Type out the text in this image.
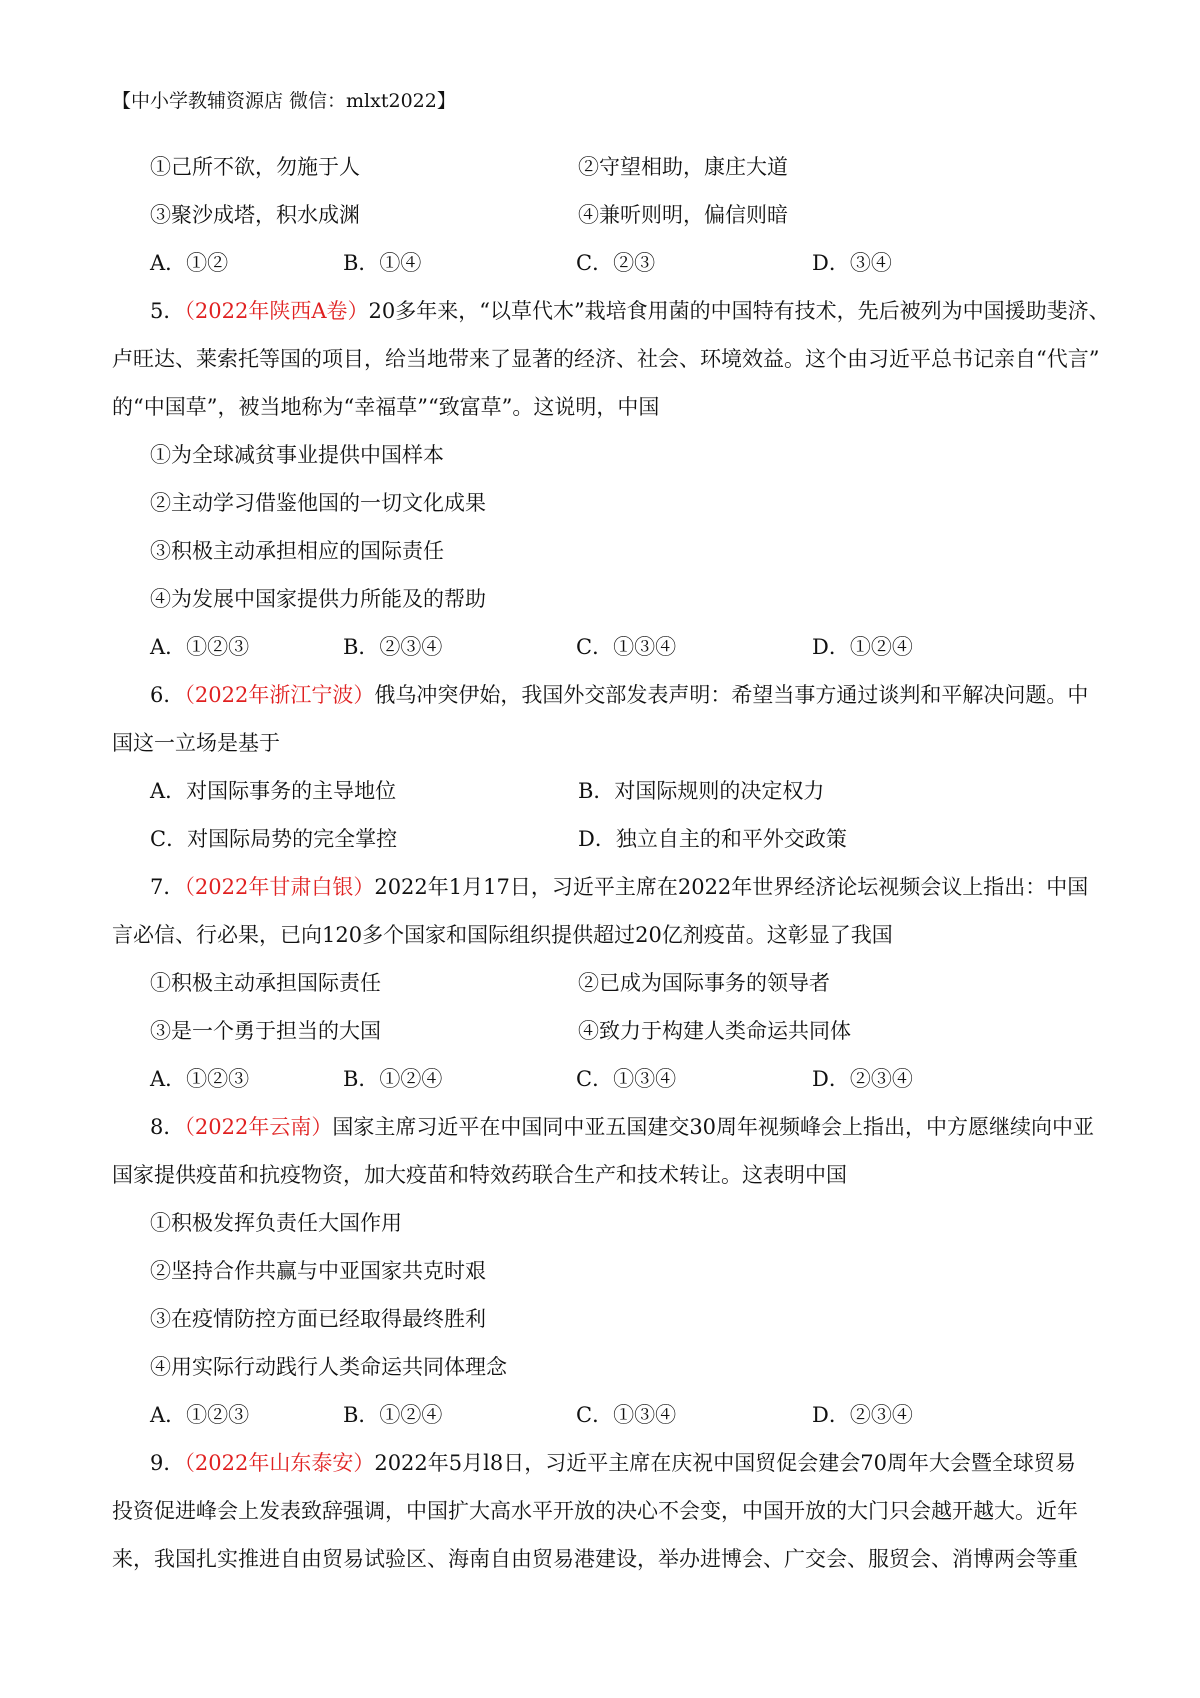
【中小学教辅资源店 微信：mlxt2022】
①己所不欲，勿施于人	②守望相助，康庄大道
③聚沙成塔，积水成渊	④兼听则明，偏信则暗
A．①②	B．①④	C．②③	D．③④
5．（2022年陕西A卷）20多年来，“以草代木”栽培食用菌的中国特有技术，先后被列为中国援助斐济、
卢旺达、莱索托等国的项目，给当地带来了显著的经济、社会、环境效益。这个由习近平总书记亲自“代言”
的“中国草”，被当地称为“幸福草”“致富草”。这说明，中国
①为全球减贫事业提供中国样本
②主动学习借鉴他国的一切文化成果
③积极主动承担相应的国际责任
④为发展中国家提供力所能及的帮助
A．①②③	B．②③④	C．①③④	D．①②④
6．（2022年浙江宁波）俄乌冲突伊始，我国外交部发表声明：希望当事方通过谈判和平解决问题。中
国这一立场是基于
A．对国际事务的主导地位	B．对国际规则的决定权力
C．对国际局势的完全掌控	D．独立自主的和平外交政策
7．（2022年甘肃白银）2022年1月17日，习近平主席在2022年世界经济论坛视频会议上指出：中国
言必信、行必果，已向120多个国家和国际组织提供超过20亿剂疫苗。这彰显了我国
①积极主动承担国际责任	②已成为国际事务的领导者
③是一个勇于担当的大国	④致力于构建人类命运共同体
A．①②③	B．①②④	C．①③④	D．②③④
8．（2022年云南）国家主席习近平在中国同中亚五国建交30周年视频峰会上指出，中方愿继续向中亚
国家提供疫苗和抗疫物资，加大疫苗和特效药联合生产和技术转让。这表明中国
①积极发挥负责任大国作用
②坚持合作共赢与中亚国家共克时艰
③在疫情防控方面已经取得最终胜利
④用实际行动践行人类命运共同体理念
A．①②③	B．①②④	C．①③④	D．②③④
9．（2022年山东泰安）2022年5月l8日，习近平主席在庆祝中国贸促会建会70周年大会暨全球贸易
投资促进峰会上发表致辞强调，中国扩大高水平开放的决心不会变，中国开放的大门只会越开越大。近年
来，我国扎实推进自由贸易试验区、海南自由贸易港建设，举办进博会、广交会、服贸会、消博两会等重
